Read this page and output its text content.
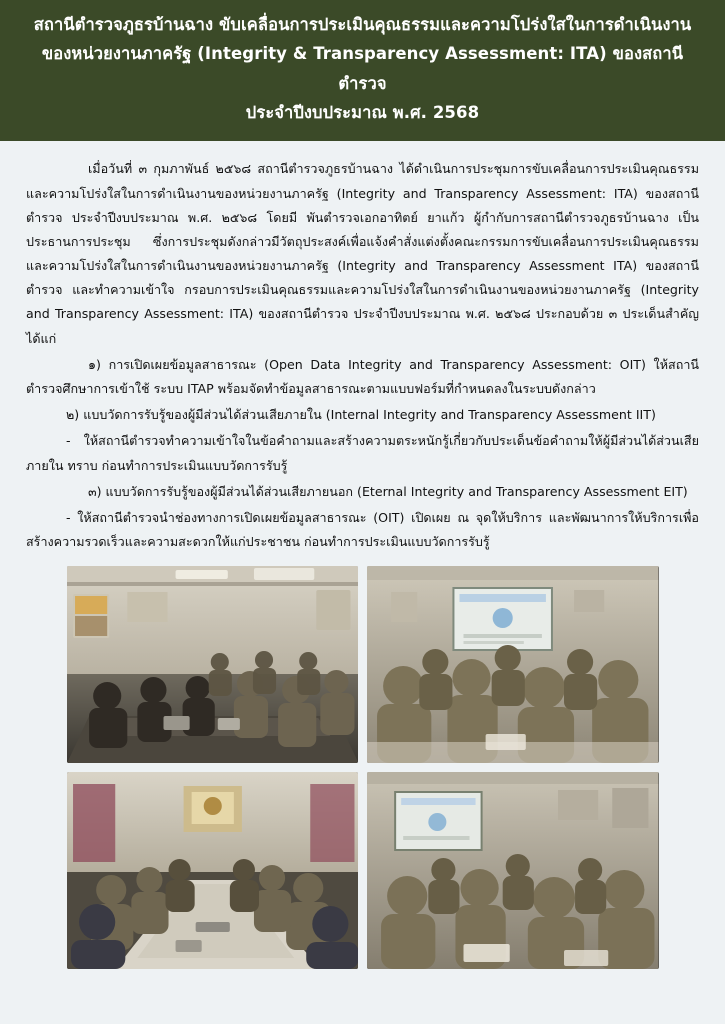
สถานีตำรวจภูธรบ้านฉาง ขับเคลื่อนการประเมินคุณธรรมและความโปร่งใสในการดำเนินงาน
ของหน่วยงานภาครัฐ (Integrity & Transparency Assessment: ITA) ของสถานีตำรวจ
ประจำปีงบประมาณ พ.ศ. 2568

เมื่อวันที่ ๓ กุมภาพันธ์ ๒๕๖๘ สถานีตำรวจภูธรบ้านฉาง ได้ดำเนินการประชุมการขับเคลื่อนการประเมินคุณธรรมและความโปร่งใสในการดำเนินงานของหน่วยงานภาครัฐ (Integrity and Transparency Assessment: ITA) ของสถานีตำรวจ ประจำปีงบประมาณ พ.ศ. ๒๕๖๘ โดยมี พันตำรวจเอกอาทิตย์ ยาแก้ว ผู้กำกับการสถานีตำรวจภูธรบ้านฉาง เป็นประธานการประชุม ซึ่งการประชุมดังกล่าวมีวัตถุประสงค์เพื่อแจ้งคำสั่งแต่งตั้งคณะกรรมการขับเคลื่อนการประเมินคุณธรรมและความโปร่งใสในการดำเนินงานของหน่วยงานภาครัฐ (Integrity and Transparency Assessment ITA) ของสถานีตำรวจ และทำความเข้าใจ กรอบการประเมินคุณธรรมและความโปร่งใสในการดำเนินงานของหน่วยงานภาครัฐ (Integrity and Transparency Assessment: ITA) ของสถานีตำรวจ ประจำปีงบประมาณ พ.ศ. ๒๕๖๘ ประกอบด้วย ๓ ประเด็นสำคัญ ได้แก่

๑) การเปิดเผยข้อมูลสาธารณะ (Open Data Integrity and Transparency Assessment: OIT) ให้สถานีตำรวจศึกษาการเข้าใช้ ระบบ ITAP พร้อมจัดทำข้อมูลสาธารณะตามแบบฟอร์มที่กำหนดลงในระบบดังกล่าว

๒) แบบวัดการรับรู้ของผู้มีส่วนได้ส่วนเสียภายใน (Internal Integrity and Transparency Assessment IIT)

- ให้สถานีตำรวจทำความเข้าใจในข้อคำถามและสร้างความตระหนักรู้เกี่ยวกับประเด็นข้อคำถามให้ผู้มีส่วนได้ส่วนเสียภายใน ทราบ ก่อนทำการประเมินแบบวัดการรับรู้

๓) แบบวัดการรับรู้ของผู้มีส่วนได้ส่วนเสียภายนอก (Eternal Integrity and Transparency Assessment EIT)

- ให้สถานีตำรวจนำช่องทางการเปิดเผยข้อมูลสาธารณะ (OIT) เปิดเผย ณ จุดให้บริการ และพัฒนาการให้บริการเพื่อสร้างความรวดเร็วและความสะดวกให้แก่ประชาชน ก่อนทำการประเมินแบบวัดการรับรู้
